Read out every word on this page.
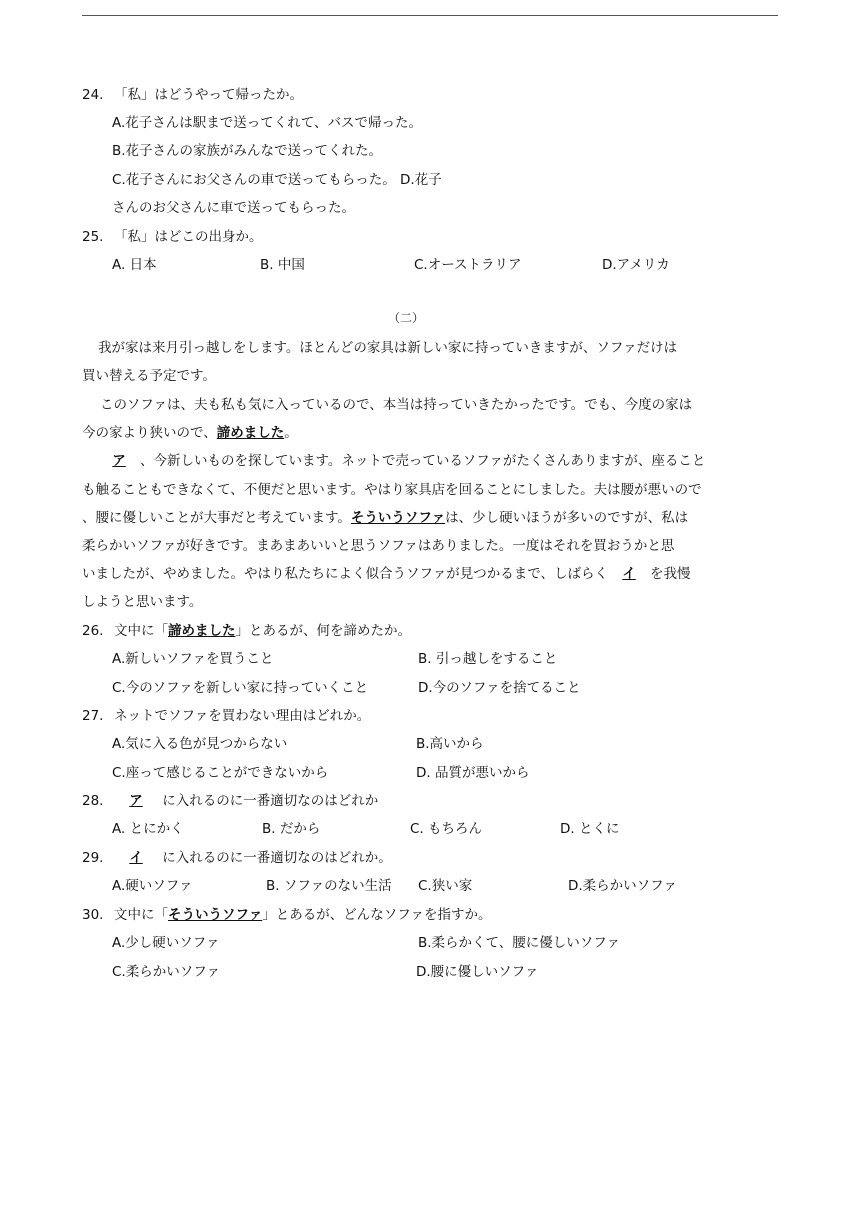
24. 「私」はどうやって帰ったか。
A.花子さんは駅まで送ってくれて、バスで帰った。
B.花子さんの家族がみんなで送ってくれた。
C.花子さんにお父さんの車で送ってもらった。 D.花子
さんのお父さんに車で送ってもらった。
25. 「私」はどこの出身か。
A. 日本	B. 中国	C.オーストラリア	D.アメリカ
（二）
我が家は来月引っ越しをします。ほとんどの家具は新しい家に持っていきますが、ソファだけは
買い替える予定です。
このソファは、夫も私も気に入っているので、本当は持っていきたかったです。でも、今度の家は
今の家より狭いので、諦めました。
ア 、今新しいものを探しています。ネットで売っているソファがたくさんありますが、座ること
も触ることもできなくて、不便だと思います。やはり家具店を回ることにしました。夫は腰が悪いので
、腰に優しいことが大事だと考えています。そういうソファは、少し硬いほうが多いのですが、私は
柔らかいソファが好きです。まあまあいいと思うソファはありました。一度はそれを買おうかと思
いましたが、やめました。やはり私たちによく似合うソファが見つかるまで、しばらく イ を我慢
しようと思います。
26. 文中に「諦めました」とあるが、何を諦めたか。
A.新しいソファを買うこと	B. 引っ越しをすること
C.今のソファを新しい家に持っていくこと	D.今のソファを捨てること
27. ネットでソファを買わない理由はどれか。
A.気に入る色が見つからない	B.高いから
C.座って感じることができないから	D. 品質が悪いから
28. ア に入れるのに一番適切なのはどれか
A. とにかく	B. だから	C. もちろん	D. とくに
29. イ に入れるのに一番適切なのはどれか。
A.硬いソファ	B. ソファのない生活 C.狭い家	D.柔らかいソファ
30. 文中に「そういうソファ」とあるが、どんなソファを指すか。
A.少し硬いソファ	B.柔らかくて、腰に優しいソファ
C.柔らかいソファ	D.腰に優しいソファ
